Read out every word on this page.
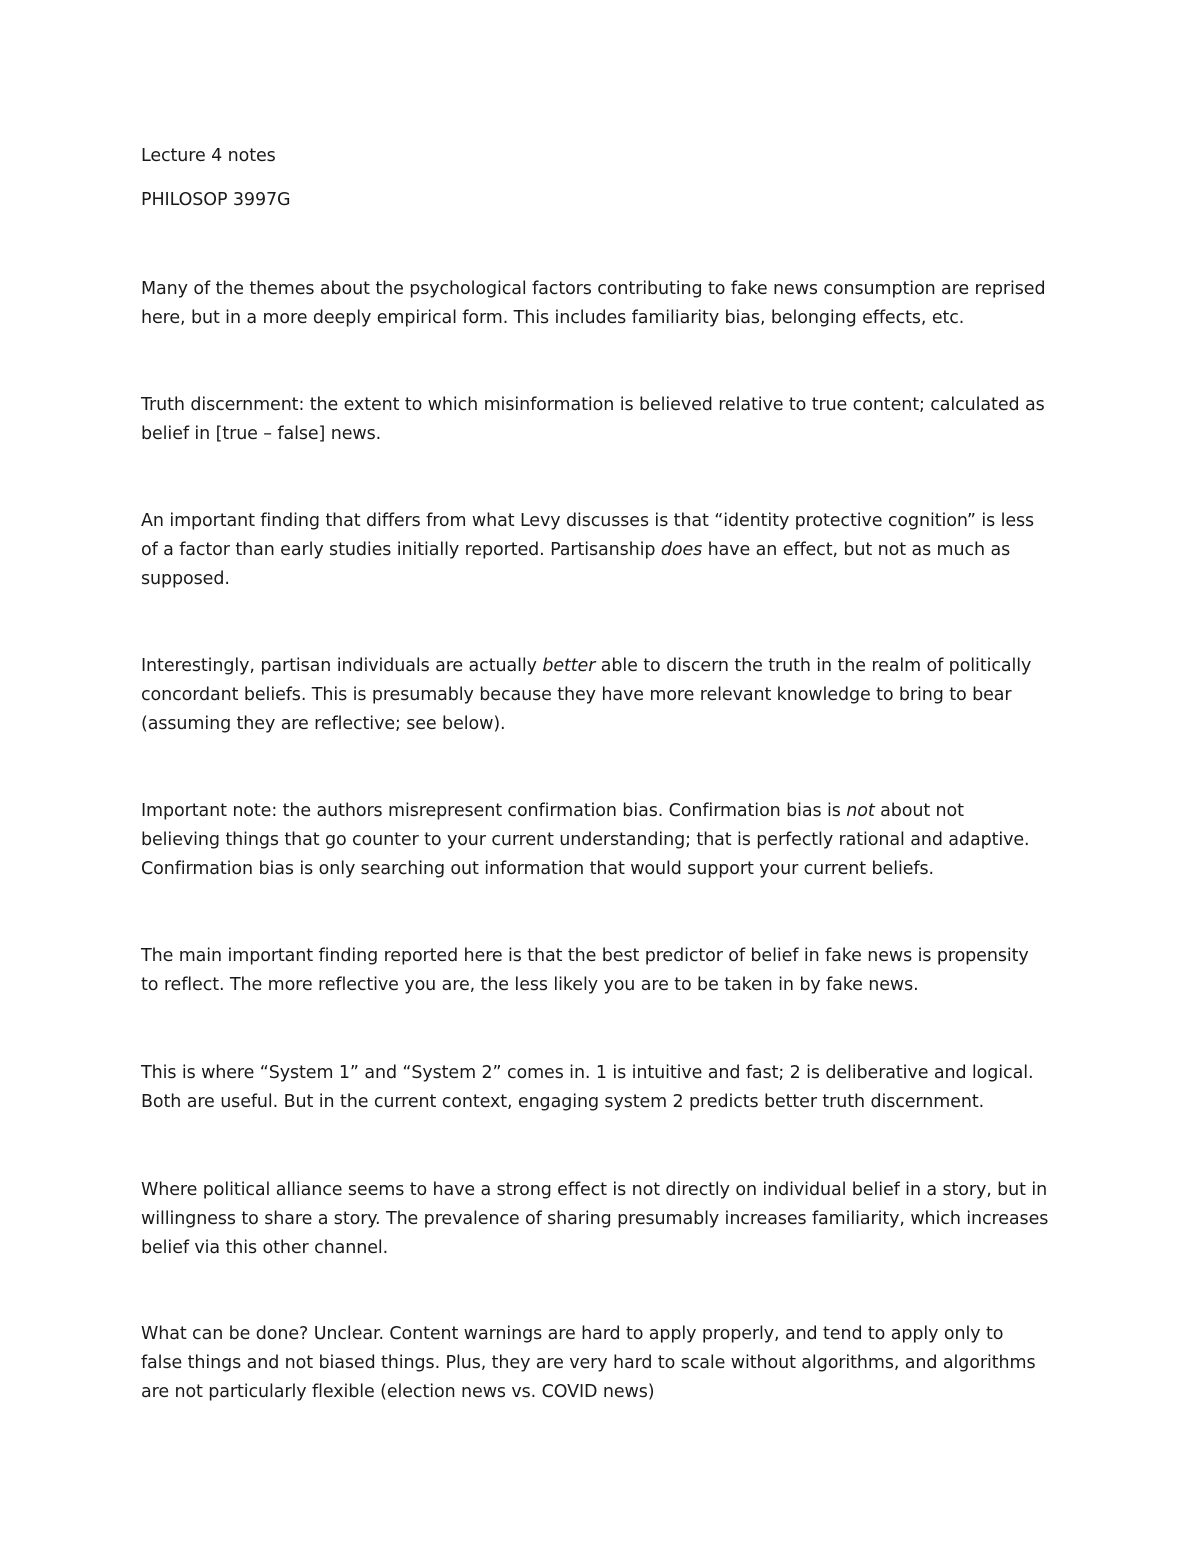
Lecture 4 notes
PHILOSOP 3997G
Many of the themes about the psychological factors contributing to fake news consumption are reprised
here, but in a more deeply empirical form. This includes familiarity bias, belonging effects, etc.
Truth discernment: the extent to which misinformation is believed relative to true content; calculated as
belief in [true – false] news.
An important finding that differs from what Levy discusses is that “identity protective cognition” is less
of a factor than early studies initially reported. Partisanship does have an effect, but not as much as
supposed.
Interestingly, partisan individuals are actually better able to discern the truth in the realm of politically
concordant beliefs. This is presumably because they have more relevant knowledge to bring to bear
(assuming they are reflective; see below).
Important note: the authors misrepresent confirmation bias. Confirmation bias is not about not
believing things that go counter to your current understanding; that is perfectly rational and adaptive.
Confirmation bias is only searching out information that would support your current beliefs.
The main important finding reported here is that the best predictor of belief in fake news is propensity
to reflect. The more reflective you are, the less likely you are to be taken in by fake news.
This is where “System 1” and “System 2” comes in. 1 is intuitive and fast; 2 is deliberative and logical.
Both are useful. But in the current context, engaging system 2 predicts better truth discernment.
Where political alliance seems to have a strong effect is not directly on individual belief in a story, but in
willingness to share a story. The prevalence of sharing presumably increases familiarity, which increases
belief via this other channel.
What can be done? Unclear. Content warnings are hard to apply properly, and tend to apply only to
false things and not biased things. Plus, they are very hard to scale without algorithms, and algorithms
are not particularly flexible (election news vs. COVID news)
